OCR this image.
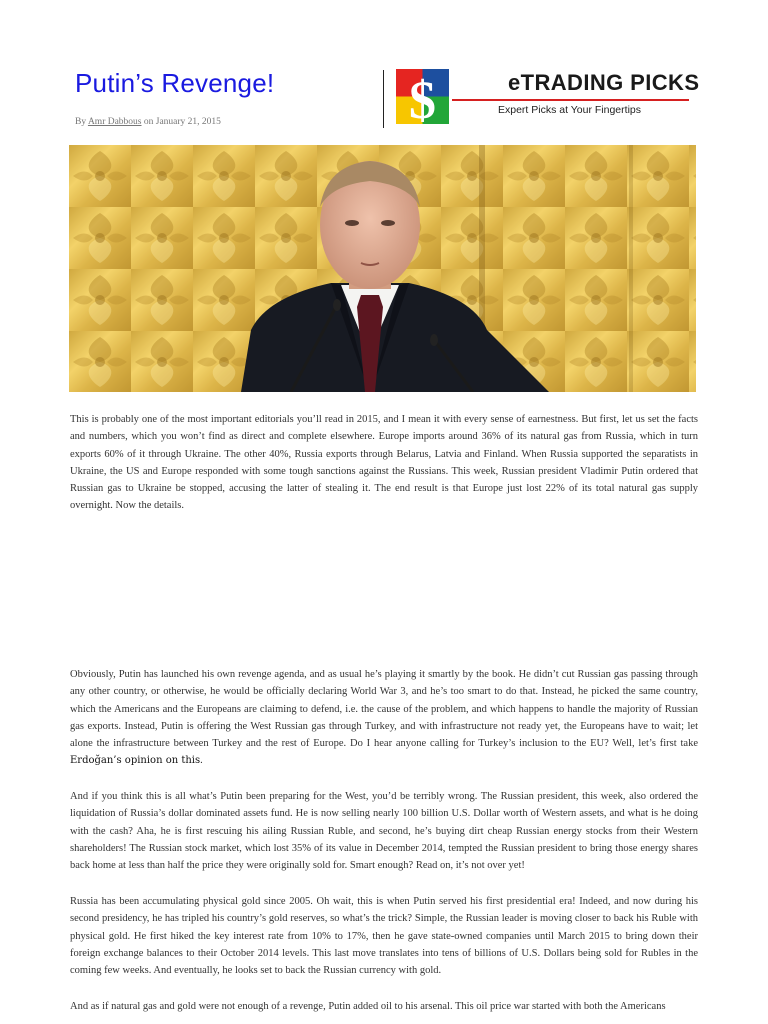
Putin’s Revenge!
By Amr Dabbous on January 21, 2015	$	eTRADING PICKS
Expert Picks at Your Fingertips

This is probably one of the most important editorials you’ll read in 2015, and I mean it with every sense of earnestness. But first, let us set the facts and numbers, which you won’t find as direct and complete elsewhere. Europe imports around 36% of its natural gas from Russia, which in turn exports 60% of it through Ukraine. The other 40%, Russia exports through Belarus, Latvia and Finland. When Russia supported the separatists in Ukraine, the US and Europe responded with some tough sanctions against the Russians. This week, Russian president Vladimir Putin ordered that Russian gas to Ukraine be stopped, accusing the latter of stealing it. The end result is that Europe just lost 22% of its total natural gas supply overnight. Now the details.

Obviously, Putin has launched his own revenge agenda, and as usual he’s playing it smartly by the book. He didn’t cut Russian gas passing through any other country, or otherwise, he would be officially declaring World War 3, and he’s too smart to do that. Instead, he picked the same country, which the Americans and the Europeans are claiming to defend, i.e. the cause of the problem, and which happens to handle the majority of Russian gas exports. Instead, Putin is offering the West Russian gas through Turkey, and with infrastructure not ready yet, the Europeans have to wait; let alone the infrastructure between Turkey and the rest of Europe. Do I hear anyone calling for Turkey’s inclusion to the EU? Well, let’s first take Erdoğan’s opinion on this.

And if you think this is all what’s Putin been preparing for the West, you’d be terribly wrong. The Russian president, this week, also ordered the liquidation of Russia’s dollar dominated assets fund. He is now selling nearly 100 billion U.S. Dollar worth of Western assets, and what is he doing with the cash? Aha, he is first rescuing his ailing Russian Ruble, and second, he’s buying dirt cheap Russian energy stocks from their Western shareholders! The Russian stock market, which lost 35% of its value in December 2014, tempted the Russian president to bring those energy shares back home at less than half the price they were originally sold for. Smart enough? Read on, it’s not over yet!

Russia has been accumulating physical gold since 2005. Oh wait, this is when Putin served his first presidential era! Indeed, and now during his second presidency, he has tripled his country’s gold reserves, so what’s the trick? Simple, the Russian leader is moving closer to back his Ruble with physical gold. He first hiked the key interest rate from 10% to 17%, then he gave state-owned companies until March 2015 to bring down their foreign exchange balances to their October 2014 levels. This last move translates into tens of billions of U.S. Dollars being sold for Rubles in the coming few weeks. And eventually, he looks set to back the Russian currency with gold.

And as if natural gas and gold were not enough of a revenge, Putin added oil to his arsenal. This oil price war started with both the Americans
